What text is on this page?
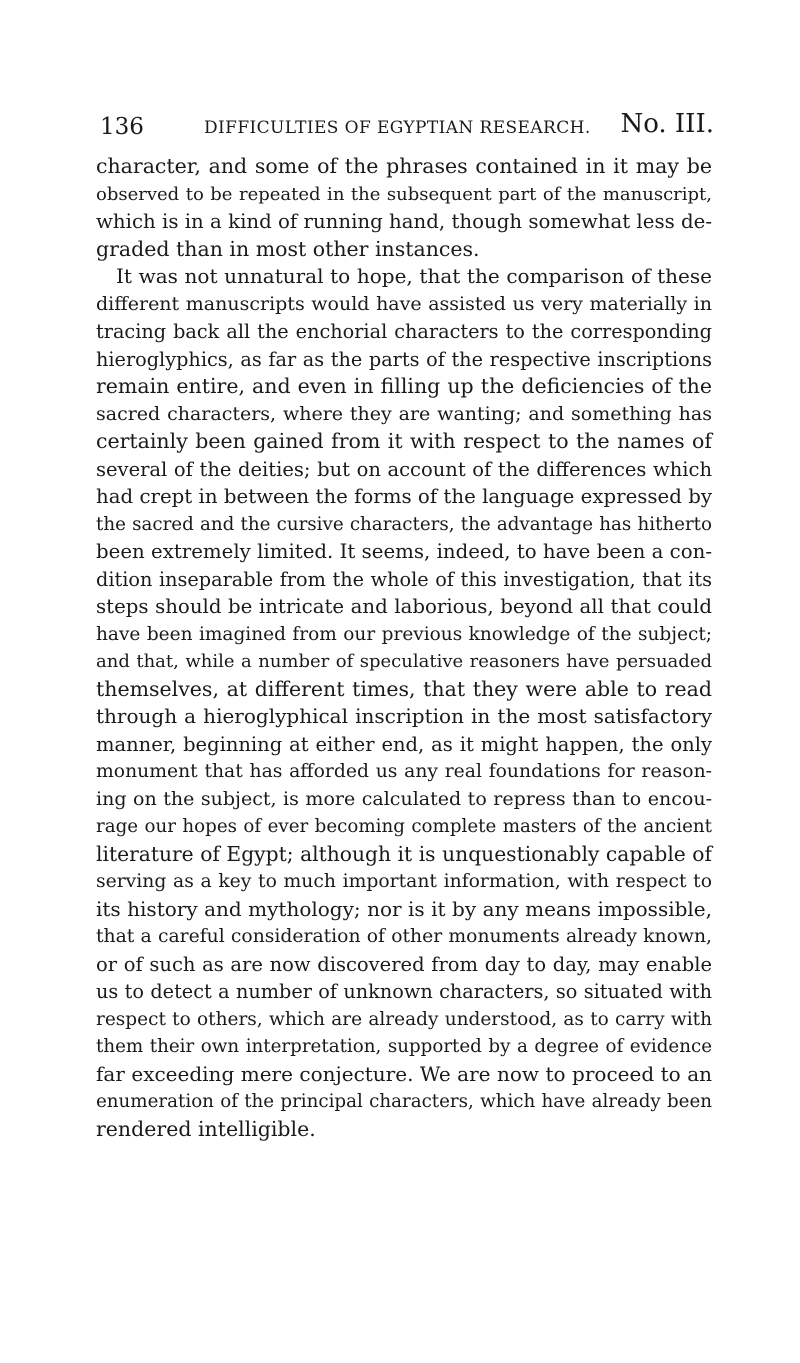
136	DIFFICULTIES OF EGYPTIAN RESEARCH. No. III.
character, and some of the phrases contained in it may be
observed to be repeated in the subsequent part of the manuscript,
which is in a kind of running hand, though somewhat less de-
graded than in most other instances.
It was not unnatural to hope, that the comparison of these
different manuscripts would have assisted us very materially in
tracing back all the enchorial characters to the corresponding
hieroglyphics, as far as the parts of the respective inscriptions
remain entire, and even in filling up the deficiencies of the
sacred characters, where they are wanting; and something has
certainly been gained from it with respect to the names of
several of the deities; but on account of the differences which
had crept in between the forms of the language expressed by
the sacred and the cursive characters, the advantage has hitherto
been extremely limited. It seems, indeed, to have been a con-
dition inseparable from the whole of this investigation, that its
steps should be intricate and laborious, beyond all that could
have been imagined from our previous knowledge of the subject;
and that, while a number of speculative reasoners have persuaded
themselves, at different times, that they were able to read
through a hieroglyphical inscription in the most satisfactory
manner, beginning at either end, as it might happen, the only
monument that has afforded us any real foundations for reason-
ing on the subject, is more calculated to repress than to encou-
rage our hopes of ever becoming complete masters of the ancient
literature of Egypt; although it is unquestionably capable of
serving as a key to much important information, with respect to
its history and mythology; nor is it by any means impossible,
that a careful consideration of other monuments already known,
or of such as are now discovered from day to day, may enable
us to detect a number of unknown characters, so situated with
respect to others, which are already understood, as to carry with
them their own interpretation, supported by a degree of evidence
far exceeding mere conjecture. We are now to proceed to an
enumeration of the principal characters, which have already been
rendered intelligible.
